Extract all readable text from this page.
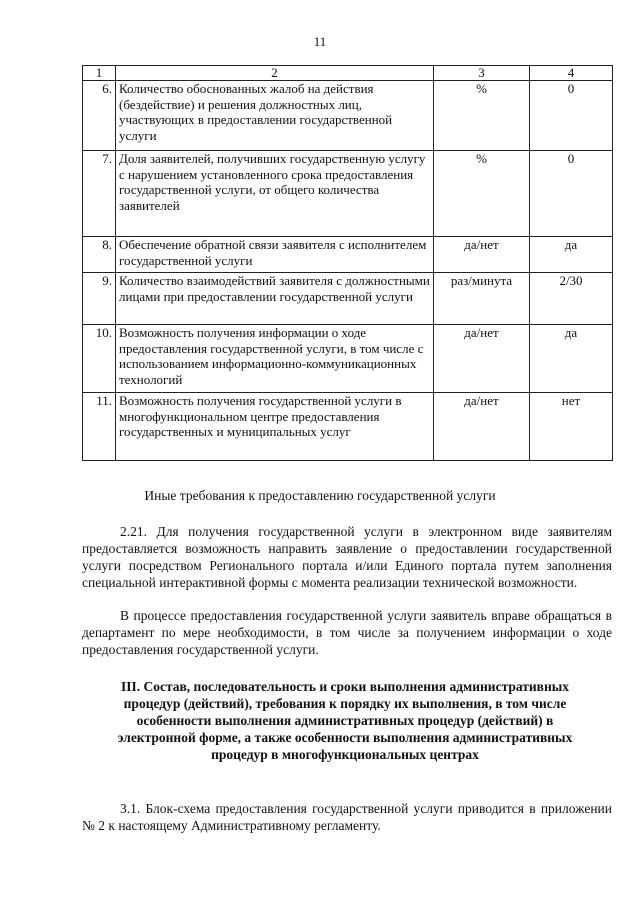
11
1	2	3	4
6.	Количество обоснованных жалоб на действия (бездействие) и решения должностных лиц, участвующих в предоставлении государственной услуги	%	0
7.	Доля заявителей, получивших государственную услугу с нарушением установленного срока предоставления государственной услуги, от общего количества заявителей	%	0
8.	Обеспечение обратной связи заявителя с исполнителем государственной услуги	да/нет	да
9.	Количество взаимодействий заявителя с должностными лицами при предоставлении государственной услуги	раз/минута	2/30
10.	Возможность получения информации о ходе предоставления государственной услуги, в том числе с использованием информационно-коммуникационных технологий	да/нет	да
11.	Возможность получения государственной услуги в многофункциональном центре предоставления государственных и муниципальных услуг	да/нет	нет
Иные требования к предоставлению государственной услуги

2.21. Для получения государственной услуги в электронном виде заявителям предоставляется возможность направить заявление о предоставлении государственной услуги посредством Регионального портала и/или Единого портала путем заполнения специальной интерактивной формы с момента реализации технической возможности.

В процессе предоставления государственной услуги заявитель вправе обращаться в департамент по мере необходимости, в том числе за получением информации о ходе предоставления государственной услуги.

III. Состав, последовательность и сроки выполнения административных процедур (действий), требования к порядку их выполнения, в том числе особенности выполнения административных процедур (действий) в электронной форме, а также особенности выполнения административных процедур в многофункциональных центрах

3.1. Блок-схема предоставления государственной услуги приводится в приложении № 2 к настоящему Административному регламенту.
